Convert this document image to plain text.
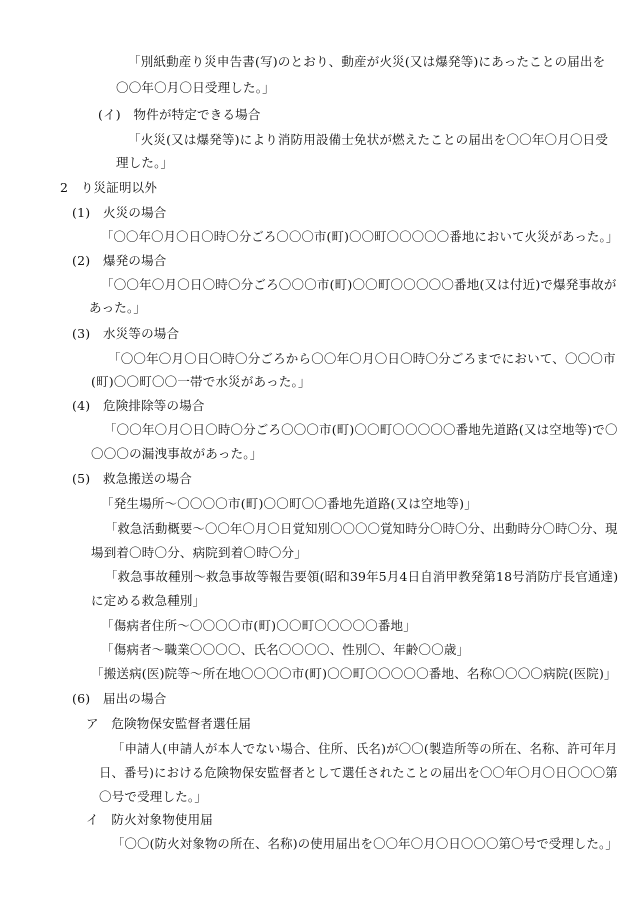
「別紙動産り災申告書(写)のとおり、動産が火災(又は爆発等)にあったことの届出を
〇〇年〇月〇日受理した。」
(イ)　物件が特定できる場合
「火災(又は爆発等)により消防用設備士免状が燃えたことの届出を〇〇年〇月〇日受
理した。」
2　り災証明以外
(1)　火災の場合
「〇〇年〇月〇日〇時〇分ごろ〇〇〇市(町)〇〇町〇〇〇〇〇番地において火災があった。」
(2)　爆発の場合
「〇〇年〇月〇日〇時〇分ごろ〇〇〇市(町)〇〇町〇〇〇〇〇番地(又は付近)で爆発事故が
あった。」
(3)　水災等の場合
「〇〇年〇月〇日〇時〇分ごろから〇〇年〇月〇日〇時〇分ごろまでにおいて、〇〇〇市
(町)〇〇町〇〇一帯で水災があった。」
(4)　危険排除等の場合
「〇〇年〇月〇日〇時〇分ごろ〇〇〇市(町)〇〇町〇〇〇〇〇番地先道路(又は空地等)で〇
〇〇〇の漏洩事故があった。」
(5)　救急搬送の場合
「発生場所～〇〇〇〇市(町)〇〇町〇〇番地先道路(又は空地等)」
「救急活動概要～〇〇年〇月〇日覚知別〇〇〇〇覚知時分〇時〇分、出動時分〇時〇分、現
場到着〇時〇分、病院到着〇時〇分」
「救急事故種別～救急事故等報告要領(昭和39年5月4日自消甲教発第18号消防庁長官通達)
に定める救急種別」
「傷病者住所～〇〇〇〇市(町)〇〇町〇〇〇〇〇番地」
「傷病者～職業〇〇〇〇、氏名〇〇〇〇、性別〇、年齢〇〇歳」
「搬送病(医)院等～所在地〇〇〇〇市(町)〇〇町〇〇〇〇〇番地、名称〇〇〇〇病院(医院)」
(6)　届出の場合
ア　危険物保安監督者選任届
「申請人(申請人が本人でない場合、住所、氏名)が〇〇(製造所等の所在、名称、許可年月
日、番号)における危険物保安監督者として選任されたことの届出を〇〇年〇月〇日〇〇〇第
〇号で受理した。」
イ　防火対象物使用届
「〇〇(防火対象物の所在、名称)の使用届出を〇〇年〇月〇日〇〇〇第〇号で受理した。」
